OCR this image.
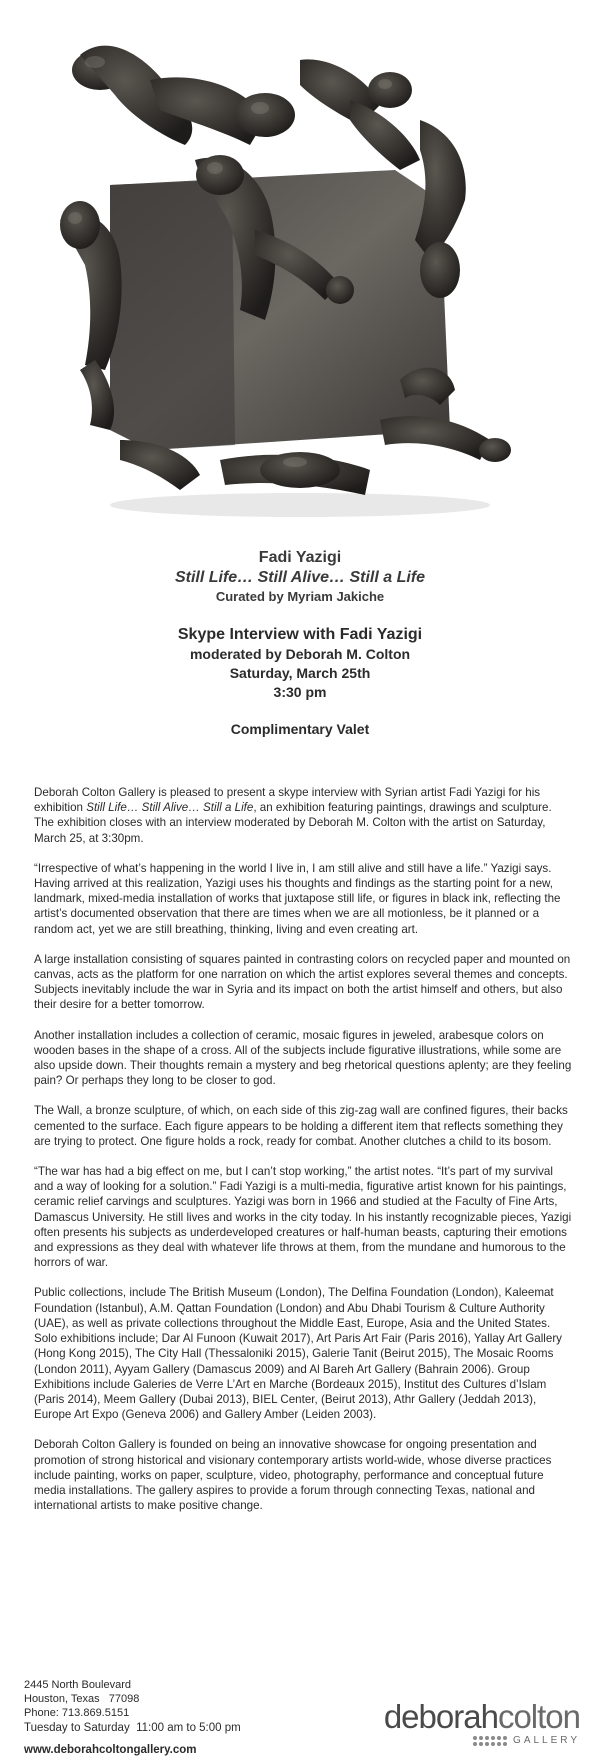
Fadi Yazigi

Still Life… Still Alive… Still a Life

Curated by Myriam Jakiche

Skype Interview with Fadi Yazigi

moderated by Deborah M. Colton

Saturday, March 25th

3:30 pm

Complimentary Valet

Deborah Colton Gallery is pleased to present a skype interview with Syrian artist Fadi Yazigi for his exhibition Still Life… Still Alive… Still a Life, an exhibition featuring paintings, drawings and sculpture. The exhibition closes with an interview moderated by Deborah M. Colton with the artist on Saturday, March 25, at 3:30pm.

“Irrespective of what’s happening in the world I live in, I am still alive and still have a life.” Yazigi says. Having arrived at this realization, Yazigi uses his thoughts and findings as the starting point for a new, landmark, mixed-media installation of works that juxtapose still life, or figures in black ink, reflecting the artist’s documented observation that there are times when we are all motionless, be it planned or a random act, yet we are still breathing, thinking, living and even creating art.

A large installation consisting of squares painted in contrasting colors on recycled paper and mounted on canvas, acts as the platform for one narration on which the artist explores several themes and concepts. Subjects inevitably include the war in Syria and its impact on both the artist himself and others, but also their desire for a better tomorrow.

Another installation includes a collection of ceramic, mosaic figures in jeweled, arabesque colors on wooden bases in the shape of a cross. All of the subjects include figurative illustrations, while some are also upside down. Their thoughts remain a mystery and beg rhetorical questions aplenty; are they feeling pain? Or perhaps they long to be closer to god.

The Wall, a bronze sculpture, of which, on each side of this zig-zag wall are confined figures, their backs cemented to the surface. Each figure appears to be holding a different item that reflects something they are trying to protect. One figure holds a rock, ready for combat. Another clutches a child to its bosom.

“The war has had a big effect on me, but I can’t stop working,” the artist notes. “It’s part of my survival and a way of looking for a solution.” Fadi Yazigi is a multi-media, figurative artist known for his paintings, ceramic relief carvings and sculptures. Yazigi was born in 1966 and studied at the Faculty of Fine Arts, Damascus University. He still lives and works in the city today. In his instantly recognizable pieces, Yazigi often presents his subjects as underdeveloped creatures or half-human beasts, capturing their emotions and expressions as they deal with whatever life throws at them, from the mundane and humorous to the horrors of war.

Public collections, include The British Museum (London), The Delfina Foundation (London), Kaleemat Foundation (Istanbul), A.M. Qattan Foundation (London) and Abu Dhabi Tourism & Culture Authority (UAE), as well as private collections throughout the Middle East, Europe, Asia and the United States. Solo exhibitions include; Dar Al Funoon (Kuwait 2017), Art Paris Art Fair (Paris 2016), Yallay Art Gallery (Hong Kong 2015), The City Hall (Thessaloniki 2015), Galerie Tanit (Beirut 2015), The Mosaic Rooms (London 2011), Ayyam Gallery (Damascus 2009) and Al Bareh Art Gallery (Bahrain 2006). Group Exhibitions include Galeries de Verre L’Art en Marche (Bordeaux 2015), Institut des Cultures d’Islam (Paris 2014), Meem Gallery (Dubai 2013), BIEL Center, (Beirut 2013), Athr Gallery (Jeddah 2013), Europe Art Expo (Geneva 2006) and Gallery Amber (Leiden 2003).

Deborah Colton Gallery is founded on being an innovative showcase for ongoing presentation and promotion of strong historical and visionary contemporary artists world-wide, whose diverse practices include painting, works on paper, sculpture, video, photography, performance and conceptual future media installations. The gallery aspires to provide a forum through connecting Texas, national and international artists to make positive change.

2445 North Boulevard
Houston, Texas   77098
Phone: 713.869.5151
Tuesday to Saturday  11:00 am to 5:00 pm
www.deborahcoltongallery.com
deborahcolton
GALLERY
